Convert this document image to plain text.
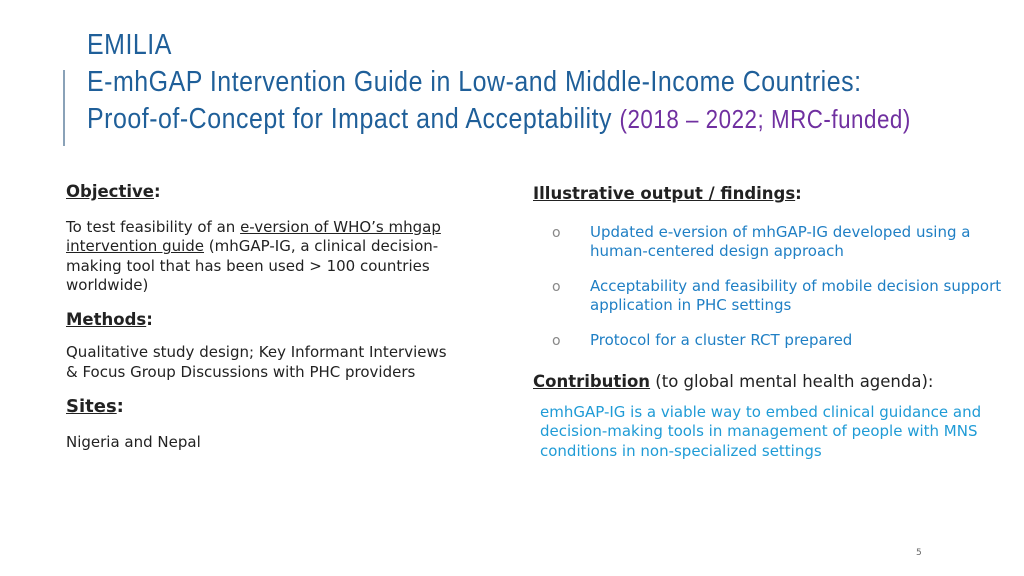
EMILIA
E-mhGAP Intervention Guide in Low-and Middle-Income Countries:
Proof-of-Concept for Impact and Acceptability (2018 – 2022; MRC-funded)
Objective:

To test feasibility of an e-version of WHO’s mhgap intervention guide (mhGAP-IG, a clinical decision-making tool that has been used > 100 countries worldwide)

Methods:

Qualitative study design; Key Informant Interviews & Focus Group Discussions with PHC providers

Sites:

Nigeria and Nepal

Illustrative output / findings:
o Updated e-version of mhGAP-IG developed using a human-centered design approach
o Acceptability and feasibility of mobile decision support application in PHC settings
o Protocol for a cluster RCT prepared
Contribution (to global mental health agenda):

emhGAP-IG is a viable way to embed clinical guidance and decision-making tools in management of people with MNS conditions in non-specialized settings

5
